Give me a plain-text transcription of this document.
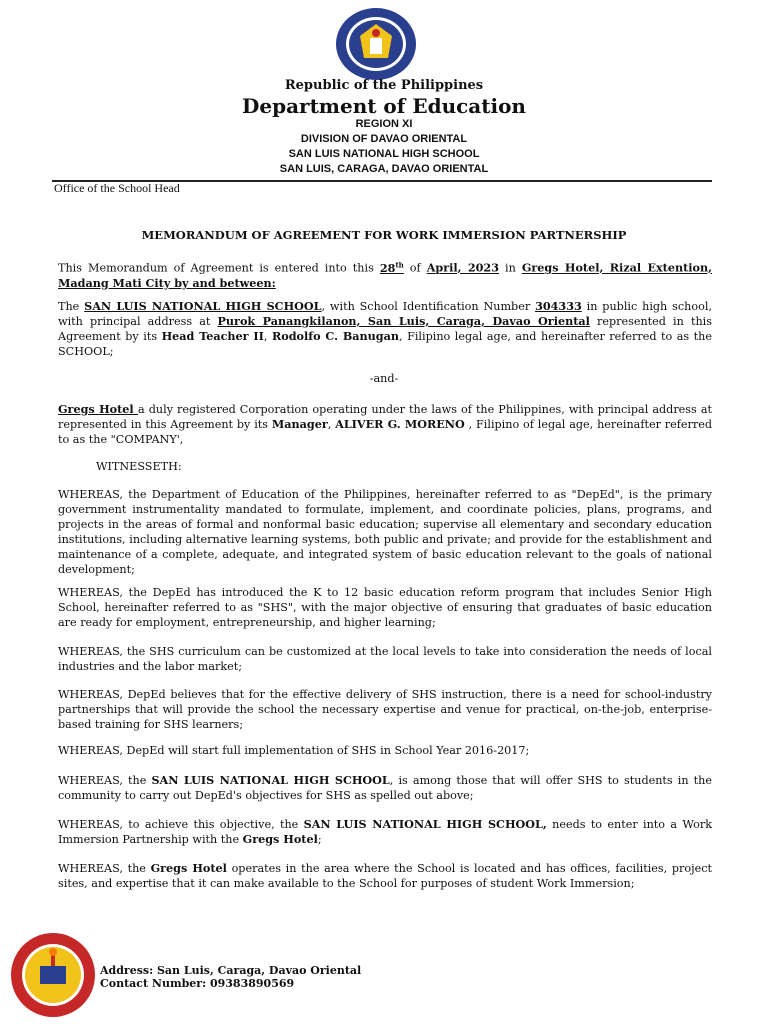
Republic of the Philippines
Department of Education
REGION XI
DIVISION OF DAVAO ORIENTAL
SAN LUIS NATIONAL HIGH SCHOOL
SAN LUIS, CARAGA, DAVAO ORIENTAL
Office of the School Head
MEMORANDUM OF AGREEMENT FOR WORK IMMERSION PARTNERSHIP
This Memorandum of Agreement is entered into this 28th of April, 2023 in Gregs Hotel, Rizal Extention, Madang Mati City by and between:
The SAN LUIS NATIONAL HIGH SCHOOL, with School Identification Number 304333 in public high school, with principal address at Purok Panangkilanon, San Luis, Caraga, Davao Oriental represented in this Agreement by its Head Teacher II, Rodolfo C. Banugan, Filipino legal age, and hereinafter referred to as the SCHOOL;
-and-
Gregs Hotel a duly registered Corporation operating under the laws of the Philippines, with principal address at represented in this Agreement by its Manager, ALIVER G. MORENO , Filipino of legal age, hereinafter referred to as the "COMPANY',
WITNESSETH:
WHEREAS, the Department of Education of the Philippines, hereinafter referred to as "DepEd", is the primary government instrumentality mandated to formulate, implement, and coordinate policies, plans, programs, and projects in the areas of formal and nonformal basic education; supervise all elementary and secondary education institutions, including alternative learning systems, both public and private; and provide for the establishment and maintenance of a complete, adequate, and integrated system of basic education relevant to the goals of national development;
WHEREAS, the DepEd has introduced the K to 12 basic education reform program that includes Senior High School, hereinafter referred to as "SHS", with the major objective of ensuring that graduates of basic education are ready for employment, entrepreneurship, and higher learning;
WHEREAS, the SHS curriculum can be customized at the local levels to take into consideration the needs of local industries and the labor market;
WHEREAS, DepEd believes that for the effective delivery of SHS instruction, there is a need for school-industry partnerships that will provide the school the necessary expertise and venue for practical, on-the-job, enterprise-based training for SHS learners;
WHEREAS, DepEd will start full implementation of SHS in School Year 2016-2017;
WHEREAS, the SAN LUIS NATIONAL HIGH SCHOOL, is among those that will offer SHS to students in the community to carry out DepEd's objectives for SHS as spelled out above;
WHEREAS, to achieve this objective, the SAN LUIS NATIONAL HIGH SCHOOL, needs to enter into a Work Immersion Partnership with the Gregs Hotel;
WHEREAS, the Gregs Hotel operates in the area where the School is located and has offices, facilities, project sites, and expertise that it can make available to the School for purposes of student Work Immersion;
Address: San Luis, Caraga, Davao Oriental
Contact Number: 09383890569
